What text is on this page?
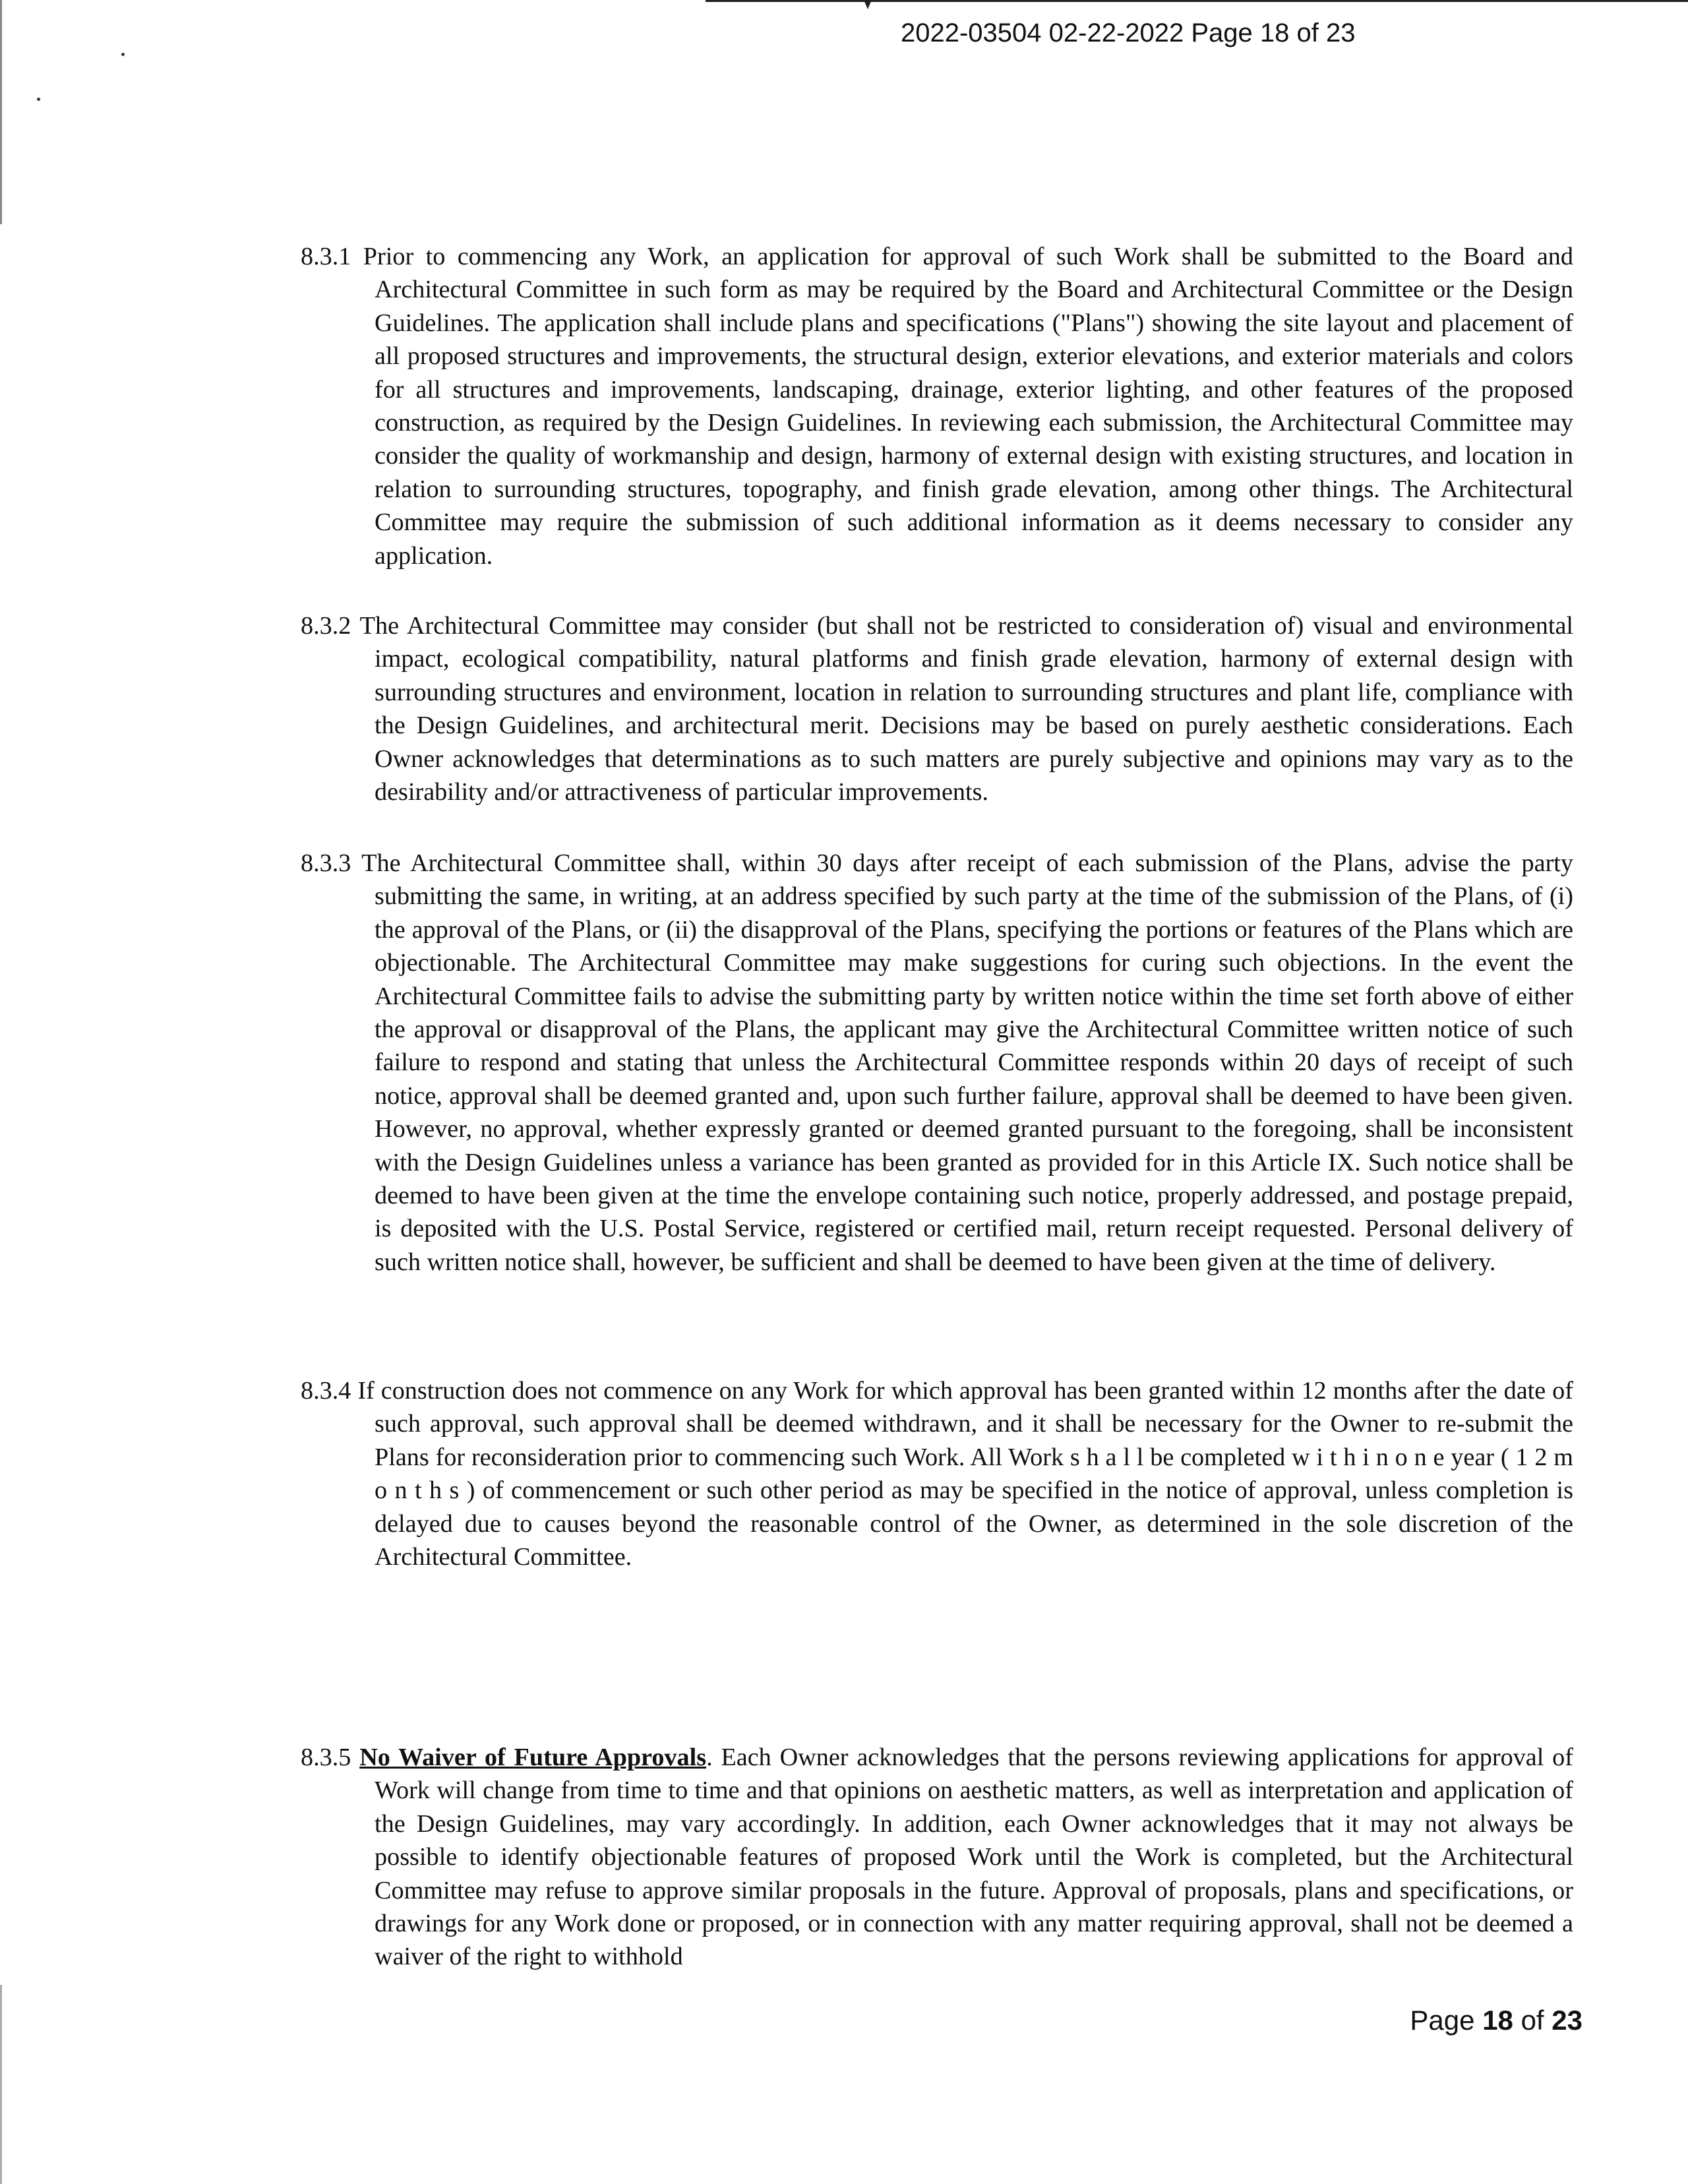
2022-03504 02-22-2022 Page 18 of 23

8.3.1 Prior to commencing any Work, an application for approval of such Work shall be submitted to the Board and Architectural Committee in such form as may be required by the Board and Architectural Committee or the Design Guidelines. The application shall include plans and specifications ("Plans") showing the site layout and placement of all proposed structures and improvements, the structural design, exterior elevations, and exterior materials and colors for all structures and improvements, landscaping, drainage, exterior lighting, and other features of the proposed construction, as required by the Design Guidelines. In reviewing each submission, the Architectural Committee may consider the quality of workmanship and design, harmony of external design with existing structures, and location in relation to surrounding structures, topography, and finish grade elevation, among other things. The Architectural Committee may require the submission of such additional information as it deems necessary to consider any application.

8.3.2 The Architectural Committee may consider (but shall not be restricted to consideration of) visual and environmental impact, ecological compatibility, natural platforms and finish grade elevation, harmony of external design with surrounding structures and environment, location in relation to surrounding structures and plant life, compliance with the Design Guidelines, and architectural merit. Decisions may be based on purely aesthetic considerations. Each Owner acknowledges that determinations as to such matters are purely subjective and opinions may vary as to the desirability and/or attractiveness of particular improvements.

8.3.3 The Architectural Committee shall, within 30 days after receipt of each submission of the Plans, advise the party submitting the same, in writing, at an address specified by such party at the time of the submission of the Plans, of (i) the approval of the Plans, or (ii) the disapproval of the Plans, specifying the portions or features of the Plans which are objectionable. The Architectural Committee may make suggestions for curing such objections. In the event the Architectural Committee fails to advise the submitting party by written notice within the time set forth above of either the approval or disapproval of the Plans, the applicant may give the Architectural Committee written notice of such failure to respond and stating that unless the Architectural Committee responds within 20 days of receipt of such notice, approval shall be deemed granted and, upon such further failure, approval shall be deemed to have been given. However, no approval, whether expressly granted or deemed granted pursuant to the foregoing, shall be inconsistent with the Design Guidelines unless a variance has been granted as provided for in this Article IX. Such notice shall be deemed to have been given at the time the envelope containing such notice, properly addressed, and postage prepaid, is deposited with the U.S. Postal Service, registered or certified mail, return receipt requested. Personal delivery of such written notice shall, however, be sufficient and shall be deemed to have been given at the time of delivery.

8.3.4 If construction does not commence on any Work for which approval has been granted within 12 months after the date of such approval, such approval shall be deemed withdrawn, and it shall be necessary for the Owner to re-submit the Plans for reconsideration prior to commencing such Work. All Work s h a l l be completed w i t h i n o n e year ( 1 2 m o n t h s ) of commencement or such other period as may be specified in the notice of approval, unless completion is delayed due to causes beyond the reasonable control of the Owner, as determined in the sole discretion of the Architectural Committee.

8.3.5 No Waiver of Future Approvals. Each Owner acknowledges that the persons reviewing applications for approval of Work will change from time to time and that opinions on aesthetic matters, as well as interpretation and application of the Design Guidelines, may vary accordingly. In addition, each Owner acknowledges that it may not always be possible to identify objectionable features of proposed Work until the Work is completed, but the Architectural Committee may refuse to approve similar proposals in the future. Approval of proposals, plans and specifications, or drawings for any Work done or proposed, or in connection with any matter requiring approval, shall not be deemed a waiver of the right to withhold

Page 18 of 23
